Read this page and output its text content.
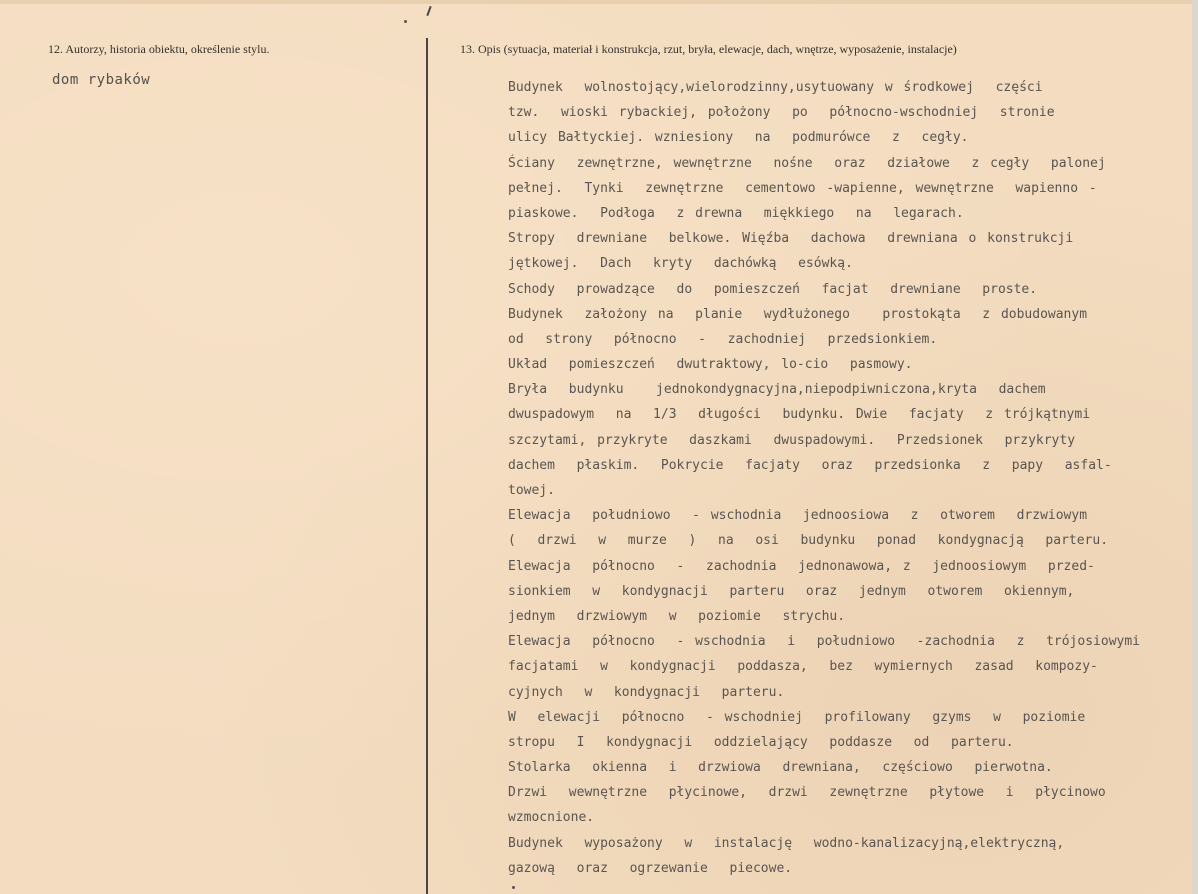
12. Autorzy, historia obiektu, określenie stylu.
dom rybaków
13. Opis (sytuacja, materiał i konstrukcja, rzut, bryła, elewacje, dach, wnętrze, wyposażenie, instalacje)
Budynek  wolnostojący,wielorodzinny,usytuowany w środkowej  części
tzw.  wioski rybackiej, położony  po  północno-wschodniej  stronie
ulicy Bałtyckiej. wzniesiony  na  podmurówce  z  cegły.
Ściany  zewnętrzne, wewnętrzne  nośne  oraz  działowe  z cegły  palonej
pełnej.  Tynki  zewnętrzne  cementowo -wapienne, wewnętrzne  wapienno -
piaskowe.  Podłoga  z drewna  miękkiego  na  legarach.
Stropy  drewniane  belkowe. Więźba  dachowa  drewniana o konstrukcji
jętkowej.  Dach  kryty  dachówką  esówką.
Schody  prowadzące  do  pomieszczeń  facjat  drewniane  proste.
Budynek  założony na  planie  wydłużonego   prostokąta  z dobudowanym
od  strony  północno  -  zachodniej  przedsionkiem.
Układ  pomieszczeń  dwutraktowy, lo-cio  pasmowy.
Bryła  budynku   jednokondygnacyjna,niepodpiwniczona,kryta  dachem
dwuspadowym  na  1/3  długości  budynku. Dwie  facjaty  z trójkątnymi
szczytami, przykryte  daszkami  dwuspadowymi.  Przedsionek  przykryty
dachem  płaskim.  Pokrycie  facjaty  oraz  przedsionka  z  papy  asfal-
towej.
Elewacja  południowo  - wschodnia  jednoosiowa  z  otworem  drzwiowym
(  drzwi  w  murze  )  na  osi  budynku  ponad  kondygnacją  parteru.
Elewacja  północno  -  zachodnia  jednonawowa, z  jednoosiowym  przed-
sionkiem  w  kondygnacji  parteru  oraz  jednym  otworem  okiennym,
jednym  drzwiowym  w  poziomie  strychu.
Elewacja  północno  - wschodnia  i  południowo  -zachodnia  z  trójosiowymi
facjatami  w  kondygnacji  poddasza,  bez  wymiernych  zasad  kompozy-
cyjnych  w  kondygnacji  parteru.
W  elewacji  północno  - wschodniej  profilowany  gzyms  w  poziomie
stropu  I  kondygnacji  oddzielający  poddasze  od  parteru.
Stolarka  okienna  i  drzwiowa  drewniana,  częściowo  pierwotna.
Drzwi  wewnętrzne  płycinowe,  drzwi  zewnętrzne  płytowe  i  płycinowo
wzmocnione.
Budynek  wyposażony  w  instalację  wodno-kanalizacyjną,elektryczną,
gazową  oraz  ogrzewanie  piecowe.
